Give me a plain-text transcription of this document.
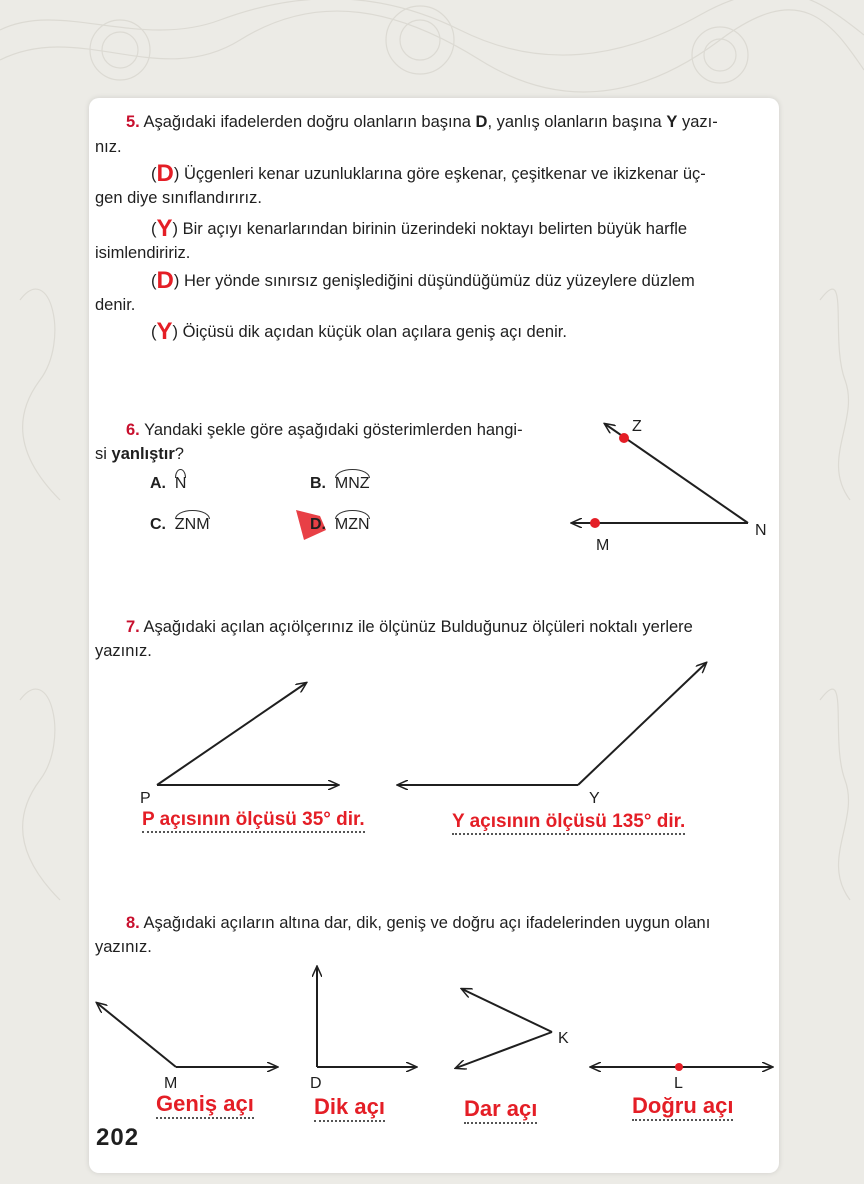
5. Aşağıdaki ifadelerden doğru olanların başına D, yanlış olanların başına Y yazı-
nız.
(D) Üçgenleri kenar uzunluklarına göre eşkenar, çeşitkenar ve ikizkenar üç-
gen diye sınıflandırırız.
(Y) Bir açıyı kenarlarından birinin üzerindeki noktayı belirten büyük harfle
isimlendiririz.
(D) Her yönde sınırsız genişlediğini düşündüğümüz düz yüzeylere düzlem
denir.
(Y) Öiçüsü dik açıdan küçük olan açılara geniş açı denir.
6. Yandaki şekle göre aşağıdaki gösterimlerden hangi-
si yanlıştır?
A. N	B. MNZ
C. ZNM	D. MZN
Z
N
M
7. Aşağıdaki açılan açıölçerınız ile ölçünüz Bulduğunuz ölçüleri noktalı yerlere
yazınız.
P	Y
P açısının ölçüsü 35° dir.	Y açısının ölçüsü 135° dir.
8. Aşağıdaki açıların altına dar, dik, geniş ve doğru açı ifadelerinden uygun olanı
yazınız.
M	D
K
L
Geniş açı	Dik açı	Dar açı	Doğru açı
202
